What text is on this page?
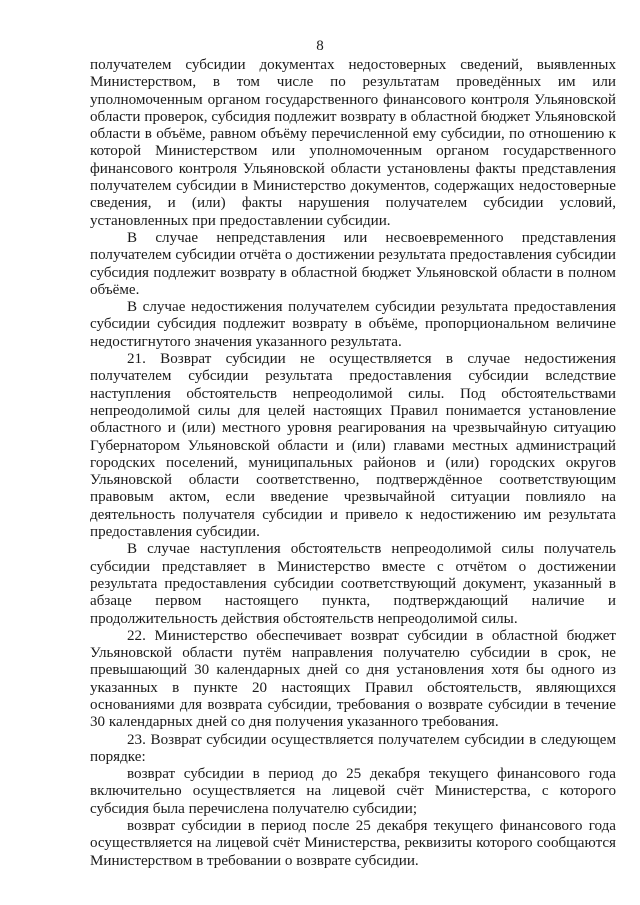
8

получателем субсидии документах недостоверных сведений, выявленных Министерством, в том числе по результатам проведённых им или уполномоченным органом государственного финансового контроля Ульяновской области проверок, субсидия подлежит возврату в областной бюджет Ульяновской области в объёме, равном объёму перечисленной ему субсидии, по отношению к которой Министерством или уполномоченным органом государственного финансового контроля Ульяновской области установлены факты представления получателем субсидии в Министерство документов, содержащих недостоверные сведения, и (или) факты нарушения получателем субсидии условий, установленных при предоставлении субсидии.

В случае непредставления или несвоевременного представления получателем субсидии отчёта о достижении результата предоставления субсидии субсидия подлежит возврату в областной бюджет Ульяновской области в полном объёме.

В случае недостижения получателем субсидии результата предоставления субсидии субсидия подлежит возврату в объёме, пропорциональном величине недостигнутого значения указанного результата.

21. Возврат субсидии не осуществляется в случае недостижения получателем субсидии результата предоставления субсидии вследствие наступления обстоятельств непреодолимой силы. Под обстоятельствами непреодолимой силы для целей настоящих Правил понимается установление областного и (или) местного уровня реагирования на чрезвычайную ситуацию Губернатором Ульяновской области и (или) главами местных администраций городских поселений, муниципальных районов и (или) городских округов Ульяновской области соответственно, подтверждённое соответствующим правовым актом, если введение чрезвычайной ситуации повлияло на деятельность получателя субсидии и привело к недостижению им результата предоставления субсидии.

В случае наступления обстоятельств непреодолимой силы получатель субсидии представляет в Министерство вместе с отчётом о достижении результата предоставления субсидии соответствующий документ, указанный в абзаце первом настоящего пункта, подтверждающий наличие и продолжительность действия обстоятельств непреодолимой силы.

22. Министерство обеспечивает возврат субсидии в областной бюджет Ульяновской области путём направления получателю субсидии в срок, не превышающий 30 календарных дней со дня установления хотя бы одного из указанных в пункте 20 настоящих Правил обстоятельств, являющихся основаниями для возврата субсидии, требования о возврате субсидии в течение 30 календарных дней со дня получения указанного требования.

23. Возврат субсидии осуществляется получателем субсидии в следующем порядке:

возврат субсидии в период до 25 декабря текущего финансового года включительно осуществляется на лицевой счёт Министерства, с которого субсидия была перечислена получателю субсидии;

возврат субсидии в период после 25 декабря текущего финансового года осуществляется на лицевой счёт Министерства, реквизиты которого сообщаются Министерством в требовании о возврате субсидии.
